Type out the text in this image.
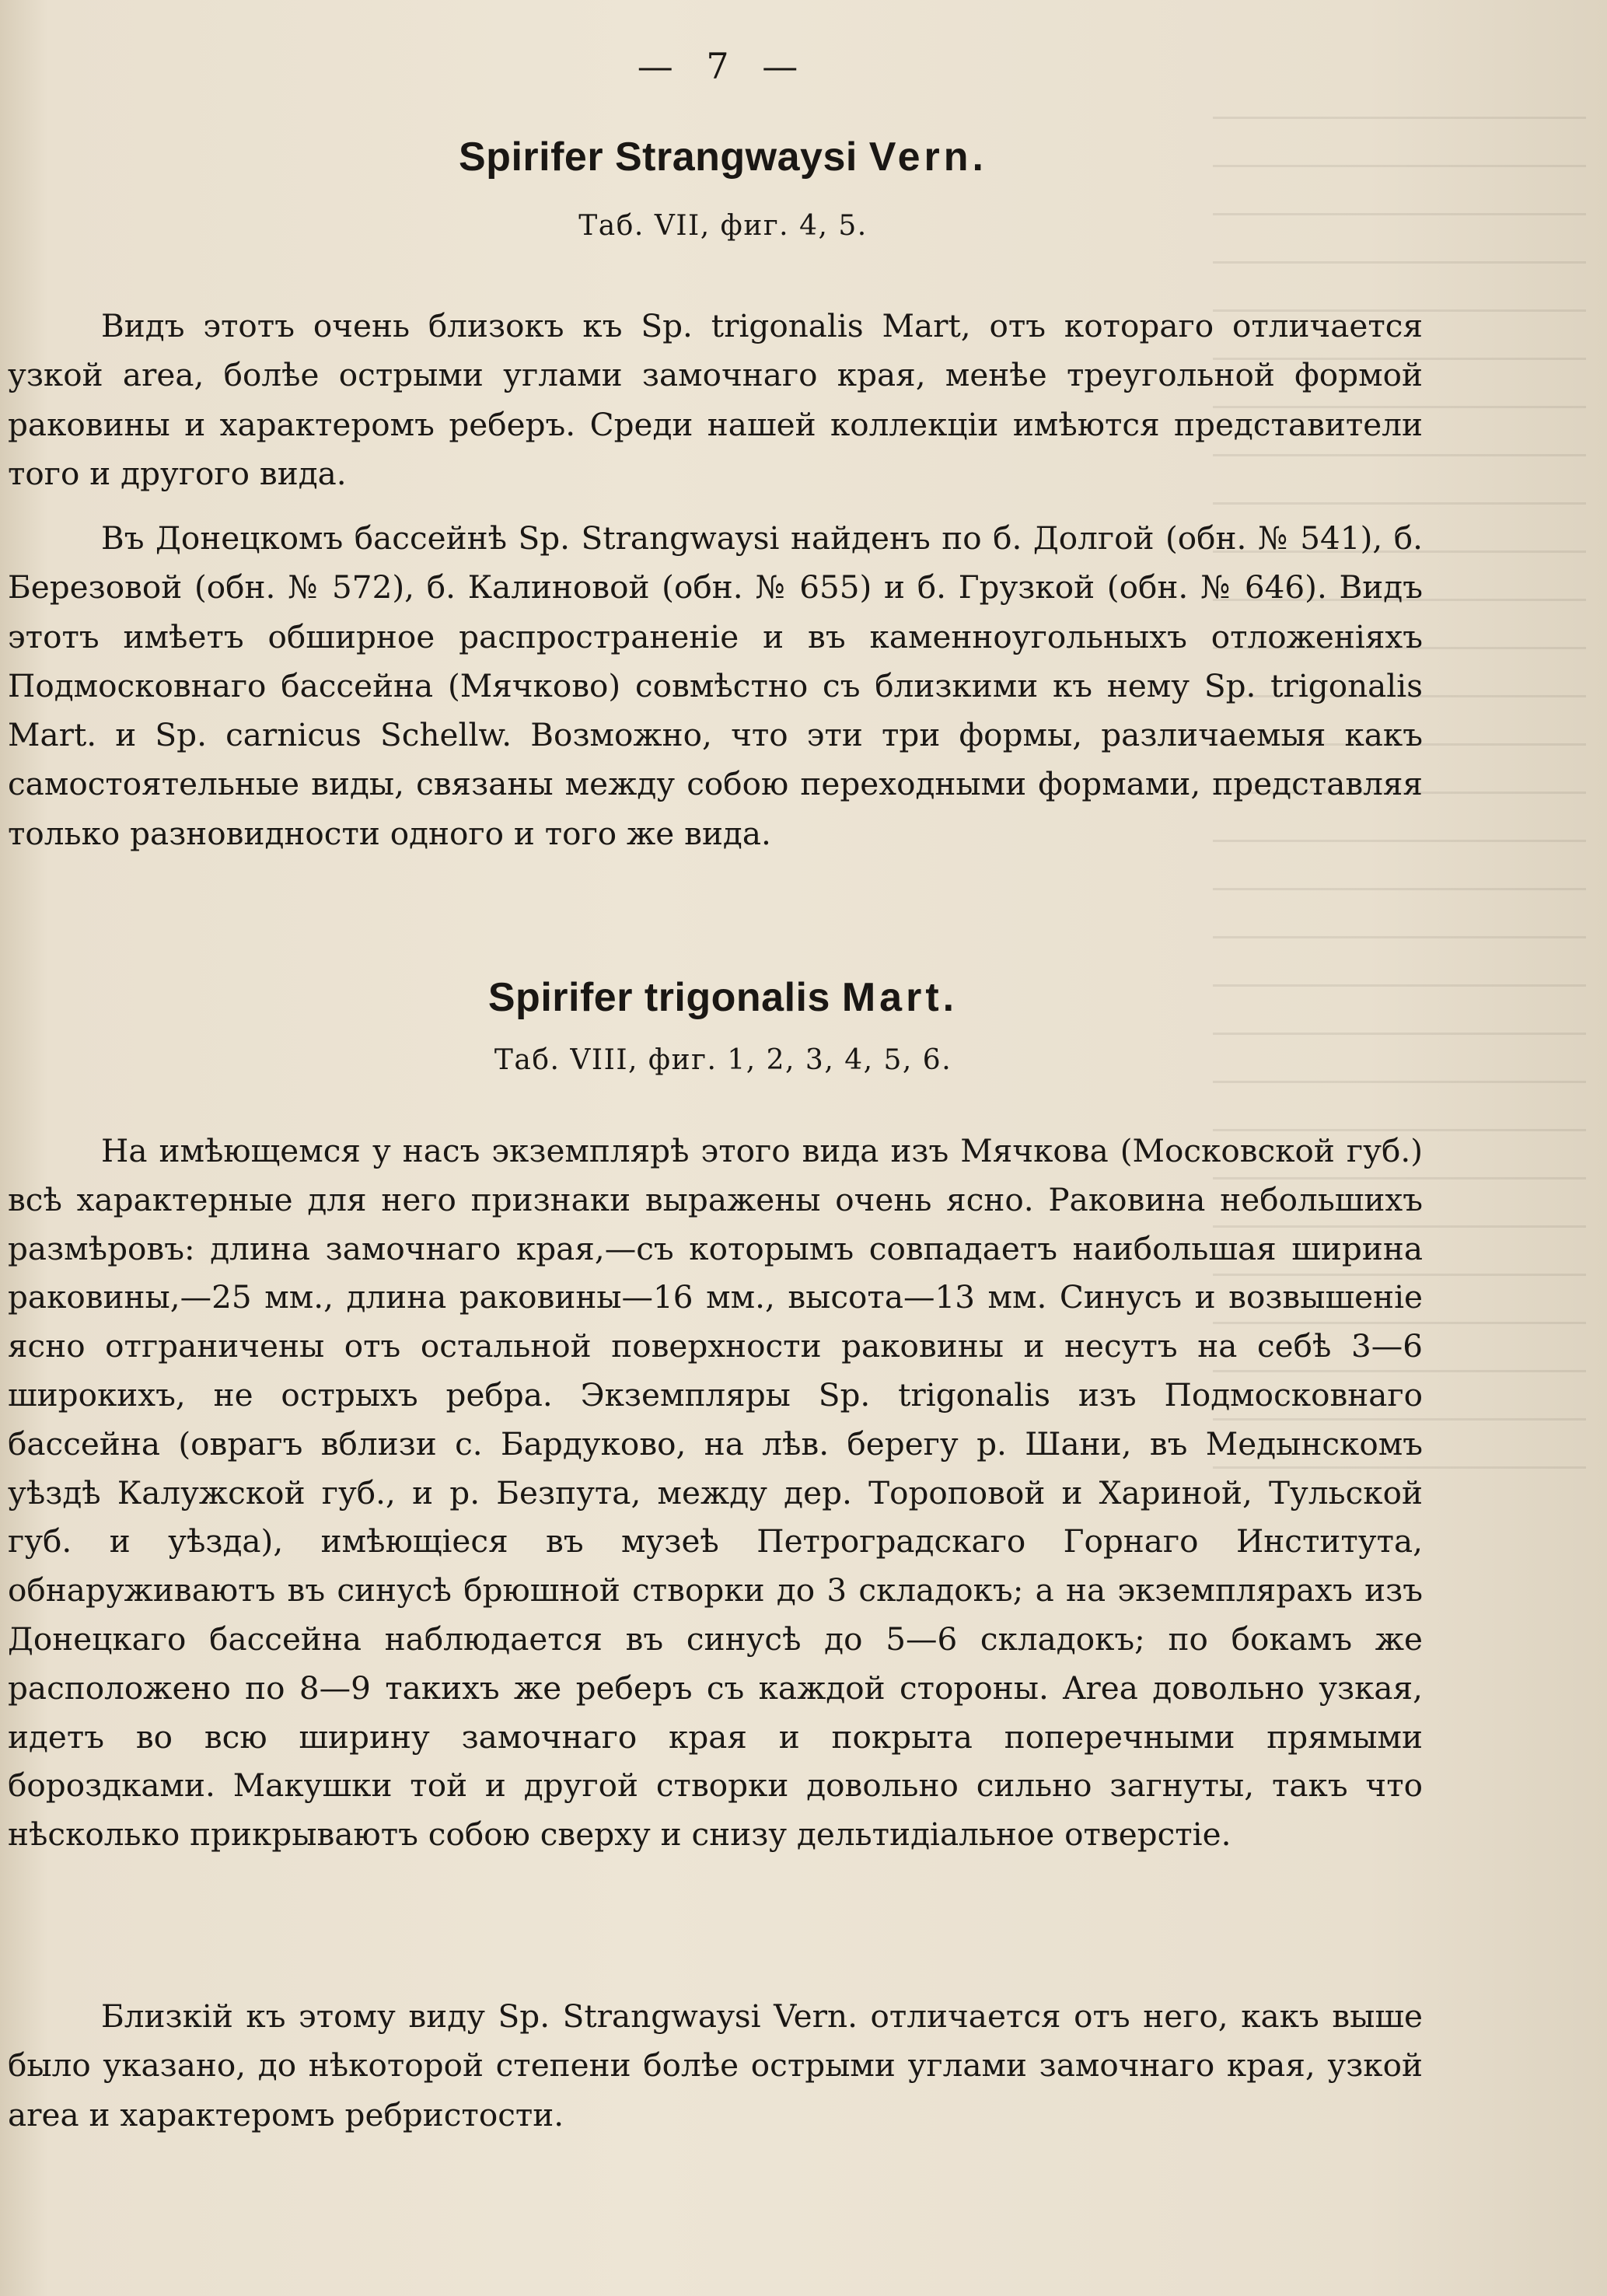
— 7 —
Spirifer Strangwaysi Vern.
Таб. VII, фиг. 4, 5.

Видъ этотъ очень близокъ къ Sp. trigonalis Mart, отъ котораго отличается узкой area, болѣе острыми углами замочнаго края, менѣе треугольной формой раковины и характеромъ реберъ. Среди нашей коллекціи имѣются представители того и другого вида.

Въ Донецкомъ бассейнѣ Sp. Strangwaysi найденъ по б. Долгой (обн. № 541), б. Березовой (обн. № 572), б. Калиновой (обн. № 655) и б. Грузкой (обн. № 646). Видъ этотъ имѣетъ обширное распространеніе и въ каменноугольныхъ отложеніяхъ Подмосковнаго бассейна (Мячково) совмѣстно съ близкими къ нему Sp. trigonalis Mart. и Sp. carnicus Schellw. Возможно, что эти три формы, различаемыя какъ самостоятельные виды, связаны между собою переходными формами, представляя только разновидности одного и того же вида.

Spirifer trigonalis Mart.
Таб. VIII, фиг. 1, 2, 3, 4, 5, 6.

На имѣющемся у насъ экземплярѣ этого вида изъ Мячкова (Московской губ.) всѣ характерные для него признаки выражены очень ясно. Раковина небольшихъ размѣровъ: длина замочнаго края,—съ которымъ совпадаетъ наибольшая ширина раковины,—25 мм., длина раковины—16 мм., высота—13 мм. Синусъ и возвышеніе ясно отграничены отъ остальной поверхности раковины и несутъ на себѣ 3—6 широкихъ, не острыхъ ребра. Экземпляры Sp. trigonalis изъ Подмосковнаго бассейна (оврагъ вблизи с. Бардуково, на лѣв. берегу р. Шани, въ Медынскомъ уѣздѣ Калужской губ., и р. Безпута, между дер. Тороповой и Хариной, Тульской губ. и уѣзда), имѣющіеся въ музеѣ Петроградскаго Горнаго Института, обнаруживаютъ въ синусѣ брюшной створки до 3 складокъ; а на экземплярахъ изъ Донецкаго бассейна наблюдается въ синусѣ до 5—6 складокъ; по бокамъ же расположено по 8—9 такихъ же реберъ съ каждой стороны. Area довольно узкая, идетъ во всю ширину замочнаго края и покрыта поперечными прямыми бороздками. Макушки той и другой створки довольно сильно загнуты, такъ что нѣсколько прикрываютъ собою сверху и снизу дельтидіальное отверстіе.

Близкій къ этому виду Sp. Strangwaysi Vern. отличается отъ него, какъ выше было указано, до нѣкоторой степени болѣе острыми углами замочнаго края, узкой area и характеромъ ребристости.
